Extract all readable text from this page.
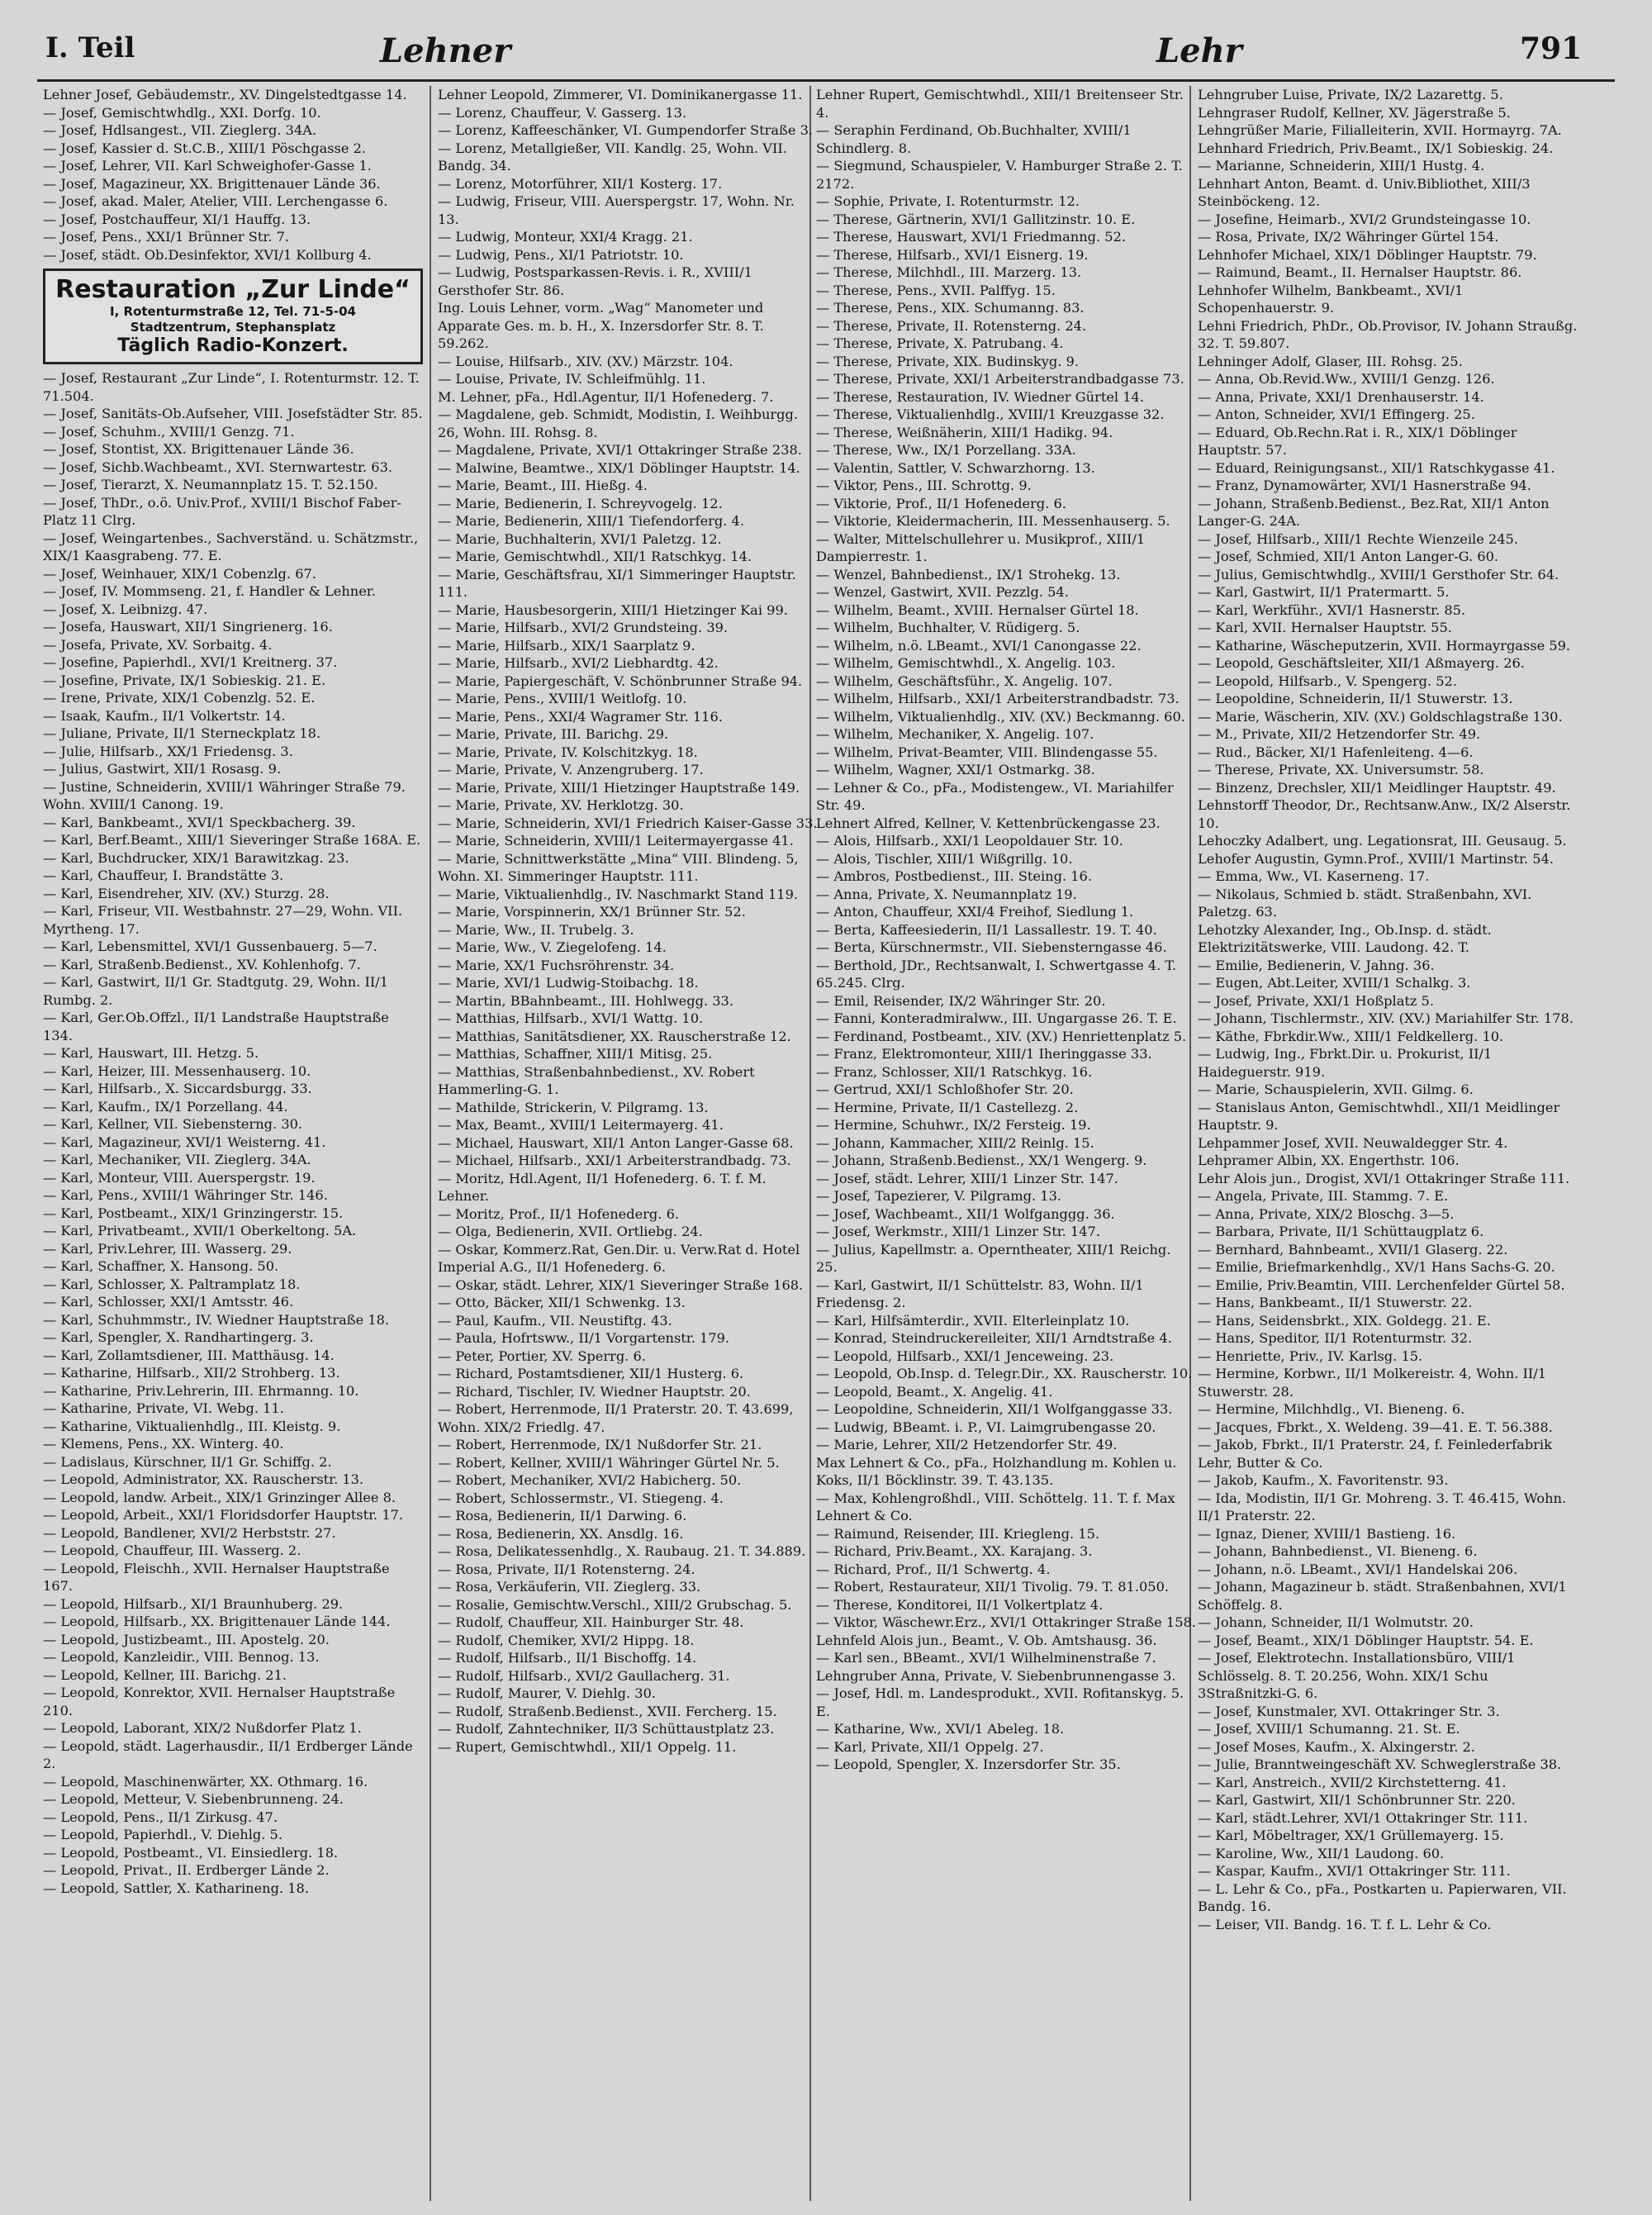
I. Teil	Lehner	Lehr	791

Lehner Josef, Gebäudemstr., XV. Dingelstedtgasse 14.

— Josef, Gemischtwhdlg., XXI. Dorfg. 10.

— Josef, Hdlsangest., VII. Zieglerg. 34A.

— Josef, Kassier d. St.C.B., XIII/1 Pöschgasse 2.

— Josef, Lehrer, VII. Karl Schweighofer-Gasse 1.

— Josef, Magazineur, XX. Brigittenauer Lände 36.

— Josef, akad. Maler, Atelier, VIII. Lerchengasse 6.

— Josef, Postchauffeur, XI/1 Hauffg. 13.

— Josef, Pens., XXI/1 Brünner Str. 7.

— Josef, städt. Ob.Desinfektor, XVI/1 Kollburg 4.

Restauration „Zur Linde“
I, Rotenturmstraße 12, Tel. 71-5-04
Stadtzentrum, Stephansplatz
Täglich Radio-Konzert.

— Josef, Restaurant „Zur Linde“, I. Rotenturmstr. 12. T. 71.504.

— Josef, Sanitäts-Ob.Aufseher, VIII. Josefstädter Str. 85.

— Josef, Schuhm., XVIII/1 Genzg. 71.

— Josef, Stontist, XX. Brigittenauer Lände 36.

— Josef, Sichb.Wachbeamt., XVI. Sternwartestr. 63.

— Josef, Tierarzt, X. Neumannplatz 15. T. 52.150.

— Josef, ThDr., o.ö. Univ.Prof., XVIII/1 Bischof Faber-Platz 11 Clrg.

— Josef, Weingartenbes., Sachverständ. u. Schätzmstr., XIX/1 Kaasgrabeng. 77. E.

— Josef, Weinhauer, XIX/1 Cobenzlg. 67.

— Josef, IV. Mommseng. 21, f. Handler & Lehner.

— Josef, X. Leibnizg. 47.

— Josefa, Hauswart, XII/1 Singrienerg. 16.

— Josefa, Private, XV. Sorbaitg. 4.

— Josefine, Papierhdl., XVI/1 Kreitnerg. 37.

— Josefine, Private, IX/1 Sobieskig. 21. E.

— Irene, Private, XIX/1 Cobenzlg. 52. E.

— Isaak, Kaufm., II/1 Volkertstr. 14.

— Juliane, Private, II/1 Sterneckplatz 18.

— Julie, Hilfsarb., XX/1 Friedensg. 3.

— Julius, Gastwirt, XII/1 Rosasg. 9.

— Justine, Schneiderin, XVIII/1 Währinger Straße 79. Wohn. XVIII/1 Canong. 19.

— Karl, Bankbeamt., XVI/1 Speckbacherg. 39.

— Karl, Berf.Beamt., XIII/1 Sieveringer Straße 168A. E.

— Karl, Buchdrucker, XIX/1 Barawitzkag. 23.

— Karl, Chauffeur, I. Brandstätte 3.

— Karl, Eisendreher, XIV. (XV.) Sturzg. 28.

— Karl, Friseur, VII. Westbahnstr. 27—29, Wohn. VII. Myrtheng. 17.

— Karl, Lebensmittel, XVI/1 Gussenbauerg. 5—7.

— Karl, Straßenb.Bedienst., XV. Kohlenhofg. 7.

— Karl, Gastwirt, II/1 Gr. Stadtgutg. 29, Wohn. II/1 Rumbg. 2.

— Karl, Ger.Ob.Offzl., II/1 Landstraße Hauptstraße 134.

— Karl, Hauswart, III. Hetzg. 5.

— Karl, Heizer, III. Messenhauserg. 10.

— Karl, Hilfsarb., X. Siccardsburgg. 33.

— Karl, Kaufm., IX/1 Porzellang. 44.

— Karl, Kellner, VII. Siebensterng. 30.

— Karl, Magazineur, XVI/1 Weisterng. 41.

— Karl, Mechaniker, VII. Zieglerg. 34A.

— Karl, Monteur, VIII. Auerspergstr. 19.

— Karl, Pens., XVIII/1 Währinger Str. 146.

— Karl, Postbeamt., XIX/1 Grinzingerstr. 15.

— Karl, Privatbeamt., XVII/1 Oberkeltong. 5A.

— Karl, Priv.Lehrer, III. Wasserg. 29.

— Karl, Schaffner, X. Hansong. 50.

— Karl, Schlosser, X. Paltramplatz 18.

— Karl, Schlosser, XXI/1 Amtsstr. 46.

— Karl, Schuhmmstr., IV. Wiedner Hauptstraße 18.

— Karl, Spengler, X. Randhartingerg. 3.

— Karl, Zollamtsdiener, III. Matthäusg. 14.

— Katharine, Hilfsarb., XII/2 Strohberg. 13.

— Katharine, Priv.Lehrerin, III. Ehrmanng. 10.

— Katharine, Private, VI. Webg. 11.

— Katharine, Viktualienhdlg., III. Kleistg. 9.

— Klemens, Pens., XX. Winterg. 40.

— Ladislaus, Kürschner, II/1 Gr. Schiffg. 2.

— Leopold, Administrator, XX. Rauscherstr. 13.

— Leopold, landw. Arbeit., XIX/1 Grinzinger Allee 8.

— Leopold, Arbeit., XXI/1 Floridsdorfer Hauptstr. 17.

— Leopold, Bandlener, XVI/2 Herbststr. 27.

— Leopold, Chauffeur, III. Wasserg. 2.

— Leopold, Fleischh., XVII. Hernalser Hauptstraße 167.

— Leopold, Hilfsarb., XI/1 Braunhuberg. 29.

— Leopold, Hilfsarb., XX. Brigittenauer Lände 144.

— Leopold, Justizbeamt., III. Apostelg. 20.

— Leopold, Kanzleidir., VIII. Bennog. 13.

— Leopold, Kellner, III. Barichg. 21.

— Leopold, Konrektor, XVII. Hernalser Hauptstraße 210.

— Leopold, Laborant, XIX/2 Nußdorfer Platz 1.

— Leopold, städt. Lagerhausdir., II/1 Erdberger Lände 2.

— Leopold, Maschinenwärter, XX. Othmarg. 16.

— Leopold, Metteur, V. Siebenbrunneng. 24.

— Leopold, Pens., II/1 Zirkusg. 47.

— Leopold, Papierhdl., V. Diehlg. 5.

— Leopold, Postbeamt., VI. Einsiedlerg. 18.

— Leopold, Privat., II. Erdberger Lände 2.

— Leopold, Sattler, X. Katharineng. 18.

Lehner Leopold, Zimmerer, VI. Dominikanergasse 11.

— Lorenz, Chauffeur, V. Gasserg. 13.

— Lorenz, Kaffeeschänker, VI. Gumpendorfer Straße 3.

— Lorenz, Metallgießer, VII. Kandlg. 25, Wohn. VII. Bandg. 34.

— Lorenz, Motorführer, XII/1 Kosterg. 17.

— Ludwig, Friseur, VIII. Auerspergstr. 17, Wohn. Nr. 13.

— Ludwig, Monteur, XXI/4 Kragg. 21.

— Ludwig, Pens., XI/1 Patriotstr. 10.

— Ludwig, Postsparkassen-Revis. i. R., XVIII/1 Gersthofer Str. 86.

Ing. Louis Lehner, vorm. „Wag“ Manometer und Apparate Ges. m. b. H., X. Inzersdorfer Str. 8. T. 59.262.

— Louise, Hilfsarb., XIV. (XV.) Märzstr. 104.

— Louise, Private, IV. Schleifmühlg. 11.

M. Lehner, pFa., Hdl.Agentur, II/1 Hofenederg. 7.

— Magdalene, geb. Schmidt, Modistin, I. Weihburgg. 26, Wohn. III. Rohsg. 8.

— Magdalene, Private, XVI/1 Ottakringer Straße 238.

— Malwine, Beamtwe., XIX/1 Döblinger Hauptstr. 14.

— Marie, Beamt., III. Hießg. 4.

— Marie, Bedienerin, I. Schreyvogelg. 12.

— Marie, Bedienerin, XIII/1 Tiefendorferg. 4.

— Marie, Buchhalterin, XVI/1 Paletzg. 12.

— Marie, Gemischtwhdl., XII/1 Ratschkyg. 14.

— Marie, Geschäftsfrau, XI/1 Simmeringer Hauptstr. 111.

— Marie, Hausbesorgerin, XIII/1 Hietzinger Kai 99.

— Marie, Hilfsarb., XVI/2 Grundsteing. 39.

— Marie, Hilfsarb., XIX/1 Saarplatz 9.

— Marie, Hilfsarb., XVI/2 Liebhardtg. 42.

— Marie, Papiergeschäft, V. Schönbrunner Straße 94.

— Marie, Pens., XVIII/1 Weitlofg. 10.

— Marie, Pens., XXI/4 Wagramer Str. 116.

— Marie, Private, III. Barichg. 29.

— Marie, Private, IV. Kolschitzkyg. 18.

— Marie, Private, V. Anzengruberg. 17.

— Marie, Private, XIII/1 Hietzinger Hauptstraße 149.

— Marie, Private, XV. Herklotzg. 30.

— Marie, Schneiderin, XVI/1 Friedrich Kaiser-Gasse 33.

— Marie, Schneiderin, XVIII/1 Leitermayergasse 41.

— Marie, Schnittwerkstätte „Mina“ VIII. Blindeng. 5, Wohn. XI. Simmeringer Hauptstr. 111.

— Marie, Viktualienhdlg., IV. Naschmarkt Stand 119.

— Marie, Vorspinnerin, XX/1 Brünner Str. 52.

— Marie, Ww., II. Trubelg. 3.

— Marie, Ww., V. Ziegelofeng. 14.

— Marie, XX/1 Fuchsröhrenstr. 34.

— Marie, XVI/1 Ludwig-Stoibachg. 18.

— Martin, BBahnbeamt., III. Hohlwegg. 33.

— Matthias, Hilfsarb., XVI/1 Wattg. 10.

— Matthias, Sanitätsdiener, XX. Rauscherstraße 12.

— Matthias, Schaffner, XIII/1 Mitisg. 25.

— Matthias, Straßenbahnbedienst., XV. Robert Hammerling-G. 1.

— Mathilde, Strickerin, V. Pilgramg. 13.

— Max, Beamt., XVIII/1 Leitermayerg. 41.

— Michael, Hauswart, XII/1 Anton Langer-Gasse 68.

— Michael, Hilfsarb., XXI/1 Arbeiterstrandbadg. 73.

— Moritz, Hdl.Agent, II/1 Hofenederg. 6. T. f. M. Lehner.

— Moritz, Prof., II/1 Hofenederg. 6.

— Olga, Bedienerin, XVII. Ortliebg. 24.

— Oskar, Kommerz.Rat, Gen.Dir. u. Verw.Rat d. Hotel Imperial A.G., II/1 Hofenederg. 6.

— Oskar, städt. Lehrer, XIX/1 Sieveringer Straße 168.

— Otto, Bäcker, XII/1 Schwenkg. 13.

— Paul, Kaufm., VII. Neustiftg. 43.

— Paula, Hofrtsww., II/1 Vorgartenstr. 179.

— Peter, Portier, XV. Sperrg. 6.

— Richard, Postamtsdiener, XII/1 Husterg. 6.

— Richard, Tischler, IV. Wiedner Hauptstr. 20.

— Robert, Herrenmode, II/1 Praterstr. 20. T. 43.699, Wohn. XIX/2 Friedlg. 47.

— Robert, Herrenmode, IX/1 Nußdorfer Str. 21.

— Robert, Kellner, XVIII/1 Währinger Gürtel Nr. 5.

— Robert, Mechaniker, XVI/2 Habicherg. 50.

— Robert, Schlossermstr., VI. Stiegeng. 4.

— Rosa, Bedienerin, II/1 Darwing. 6.

— Rosa, Bedienerin, XX. Ansdlg. 16.

— Rosa, Delikatessenhdlg., X. Raubaug. 21. T. 34.889.

— Rosa, Private, II/1 Rotensterng. 24.

— Rosa, Verkäuferin, VII. Zieglerg. 33.

— Rosalie, Gemischtw.Verschl., XIII/2 Grubschag. 5.

— Rudolf, Chauffeur, XII. Hainburger Str. 48.

— Rudolf, Chemiker, XVI/2 Hippg. 18.

— Rudolf, Hilfsarb., II/1 Bischoffg. 14.

— Rudolf, Hilfsarb., XVI/2 Gaullacherg. 31.

— Rudolf, Maurer, V. Diehlg. 30.

— Rudolf, Straßenb.Bedienst., XVII. Fercherg. 15.

— Rudolf, Zahntechniker, II/3 Schüttaustplatz 23.

— Rupert, Gemischtwhdl., XII/1 Oppelg. 11.

Lehner Rupert, Gemischtwhdl., XIII/1 Breitenseer Str. 4.

— Seraphin Ferdinand, Ob.Buchhalter, XVIII/1 Schindlerg. 8.

— Siegmund, Schauspieler, V. Hamburger Straße 2. T. 2172.

— Sophie, Private, I. Rotenturmstr. 12.

— Therese, Gärtnerin, XVI/1 Gallitzinstr. 10. E.

— Therese, Hauswart, XVI/1 Friedmanng. 52.

— Therese, Hilfsarb., XVI/1 Eisnerg. 19.

— Therese, Milchhdl., III. Marzerg. 13.

— Therese, Pens., XVII. Palffyg. 15.

— Therese, Pens., XIX. Schumanng. 83.

— Therese, Private, II. Rotensterng. 24.

— Therese, Private, X. Patrubang. 4.

— Therese, Private, XIX. Budinskyg. 9.

— Therese, Private, XXI/1 Arbeiterstrandbadgasse 73.

— Therese, Restauration, IV. Wiedner Gürtel 14.

— Therese, Viktualienhdlg., XVIII/1 Kreuzgasse 32.

— Therese, Weißnäherin, XIII/1 Hadikg. 94.

— Therese, Ww., IX/1 Porzellang. 33A.

— Valentin, Sattler, V. Schwarzhorng. 13.

— Viktor, Pens., III. Schrottg. 9.

— Viktorie, Prof., II/1 Hofenederg. 6.

— Viktorie, Kleidermacherin, III. Messenhauserg. 5.

— Walter, Mittelschullehrer u. Musikprof., XIII/1 Dampierrestr. 1.

— Wenzel, Bahnbedienst., IX/1 Strohekg. 13.

— Wenzel, Gastwirt, XVII. Pezzlg. 54.

— Wilhelm, Beamt., XVIII. Hernalser Gürtel 18.

— Wilhelm, Buchhalter, V. Rüdigerg. 5.

— Wilhelm, n.ö. LBeamt., XVI/1 Canongasse 22.

— Wilhelm, Gemischtwhdl., X. Angelig. 103.

— Wilhelm, Geschäftsführ., X. Angelig. 107.

— Wilhelm, Hilfsarb., XXI/1 Arbeiterstrandbadstr. 73.

— Wilhelm, Viktualienhdlg., XIV. (XV.) Beckmanng. 60.

— Wilhelm, Mechaniker, X. Angelig. 107.

— Wilhelm, Privat-Beamter, VIII. Blindengasse 55.

— Wilhelm, Wagner, XXI/1 Ostmarkg. 38.

— Lehner & Co., pFa., Modistengew., VI. Mariahilfer Str. 49.

Lehnert Alfred, Kellner, V. Kettenbrückengasse 23.

— Alois, Hilfsarb., XXI/1 Leopoldauer Str. 10.

— Alois, Tischler, XIII/1 Wißgrillg. 10.

— Ambros, Postbedienst., III. Steing. 16.

— Anna, Private, X. Neumannplatz 19.

— Anton, Chauffeur, XXI/4 Freihof, Siedlung 1.

— Berta, Kaffeesiederin, II/1 Lassallestr. 19. T. 40.

— Berta, Kürschnermstr., VII. Siebensterngasse 46.

— Berthold, JDr., Rechtsanwalt, I. Schwertgasse 4. T. 65.245. Clrg.

— Emil, Reisender, IX/2 Währinger Str. 20.

— Fanni, Konteradmiralww., III. Ungargasse 26. T. E.

— Ferdinand, Postbeamt., XIV. (XV.) Henriettenplatz 5.

— Franz, Elektromonteur, XIII/1 Iheringgasse 33.

— Franz, Schlosser, XII/1 Ratschkyg. 16.

— Gertrud, XXI/1 Schloßhofer Str. 20.

— Hermine, Private, II/1 Castellezg. 2.

— Hermine, Schuhwr., IX/2 Fersteig. 19.

— Johann, Kammacher, XIII/2 Reinlg. 15.

— Johann, Straßenb.Bedienst., XX/1 Wengerg. 9.

— Josef, städt. Lehrer, XIII/1 Linzer Str. 147.

— Josef, Tapezierer, V. Pilgramg. 13.

— Josef, Wachbeamt., XII/1 Wolfganggg. 36.

— Josef, Werkmstr., XIII/1 Linzer Str. 147.

— Julius, Kapellmstr. a. Operntheater, XIII/1 Reichg. 25.

— Karl, Gastwirt, II/1 Schüttelstr. 83, Wohn. II/1 Friedensg. 2.

— Karl, Hilfsämterdir., XVII. Elterleinplatz 10.

— Konrad, Steindruckereileiter, XII/1 Arndtstraße 4.

— Leopold, Hilfsarb., XXI/1 Jenceweing. 23.

— Leopold, Ob.Insp. d. Telegr.Dir., XX. Rauscherstr. 10.

— Leopold, Beamt., X. Angelig. 41.

— Leopoldine, Schneiderin, XII/1 Wolfganggasse 33.

— Ludwig, BBeamt. i. P., VI. Laimgrubengasse 20.

— Marie, Lehrer, XII/2 Hetzendorfer Str. 49.

Max Lehnert & Co., pFa., Holzhandlung m. Kohlen u. Koks, II/1 Böcklinstr. 39. T. 43.135.

— Max, Kohlengroßhdl., VIII. Schöttelg. 11. T. f. Max Lehnert & Co.

— Raimund, Reisender, III. Kriegleng. 15.

— Richard, Priv.Beamt., XX. Karajang. 3.

— Richard, Prof., II/1 Schwertg. 4.

— Robert, Restaurateur, XII/1 Tivolig. 79. T. 81.050.

— Therese, Konditorei, II/1 Volkertplatz 4.

— Viktor, Wäschewr.Erz., XVI/1 Ottakringer Straße 158.

Lehnfeld Alois jun., Beamt., V. Ob. Amtshausg. 36.

— Karl sen., BBeamt., XVI/1 Wilhelminenstraße 7.

Lehngruber Anna, Private, V. Siebenbrunnengasse 3.

— Josef, Hdl. m. Landesprodukt., XVII. Rofitanskyg. 5. E.

— Katharine, Ww., XVI/1 Abeleg. 18.

— Karl, Private, XII/1 Oppelg. 27.

— Leopold, Spengler, X. Inzersdorfer Str. 35.

Lehngruber Luise, Private, IX/2 Lazarettg. 5.

Lehngraser Rudolf, Kellner, XV. Jägerstraße 5.

Lehngrüßer Marie, Filialleiterin, XVII. Hormayrg. 7A.

Lehnhard Friedrich, Priv.Beamt., IX/1 Sobieskig. 24.

— Marianne, Schneiderin, XIII/1 Hustg. 4.

Lehnhart Anton, Beamt. d. Univ.Bibliothet, XIII/3 Steinböckeng. 12.

— Josefine, Heimarb., XVI/2 Grundsteingasse 10.

— Rosa, Private, IX/2 Währinger Gürtel 154.

Lehnhofer Michael, XIX/1 Döblinger Hauptstr. 79.

— Raimund, Beamt., II. Hernalser Hauptstr. 86.

Lehnhofer Wilhelm, Bankbeamt., XVI/1 Schopenhauerstr. 9.

Lehni Friedrich, PhDr., Ob.Provisor, IV. Johann Straußg. 32. T. 59.807.

Lehninger Adolf, Glaser, III. Rohsg. 25.

— Anna, Ob.Revid.Ww., XVIII/1 Genzg. 126.

— Anna, Private, XXI/1 Drenhauserstr. 14.

— Anton, Schneider, XVI/1 Effingerg. 25.

— Eduard, Ob.Rechn.Rat i. R., XIX/1 Döblinger Hauptstr. 57.

— Eduard, Reinigungsanst., XII/1 Ratschkygasse 41.

— Franz, Dynamowärter, XVI/1 Hasnerstraße 94.

— Johann, Straßenb.Bedienst., Bez.Rat, XII/1 Anton Langer-G. 24A.

— Josef, Hilfsarb., XIII/1 Rechte Wienzeile 245.

— Josef, Schmied, XII/1 Anton Langer-G. 60.

— Julius, Gemischtwhdlg., XVIII/1 Gersthofer Str. 64.

— Karl, Gastwirt, II/1 Pratermartt. 5.

— Karl, Werkführ., XVI/1 Hasnerstr. 85.

— Karl, XVII. Hernalser Hauptstr. 55.

— Katharine, Wäscheputzerin, XVII. Hormayrgasse 59.

— Leopold, Geschäftsleiter, XII/1 Aßmayerg. 26.

— Leopold, Hilfsarb., V. Spengerg. 52.

— Leopoldine, Schneiderin, II/1 Stuwerstr. 13.

— Marie, Wäscherin, XIV. (XV.) Goldschlagstraße 130.

— M., Private, XII/2 Hetzendorfer Str. 49.

— Rud., Bäcker, XI/1 Hafenleiteng. 4—6.

— Therese, Private, XX. Universumstr. 58.

— Binzenz, Drechsler, XII/1 Meidlinger Hauptstr. 49.

Lehnstorff Theodor, Dr., Rechtsanw.Anw., IX/2 Alserstr. 10.

Lehoczky Adalbert, ung. Legationsrat, III. Geusaug. 5.

Lehofer Augustin, Gymn.Prof., XVIII/1 Martinstr. 54.

— Emma, Ww., VI. Kaserneng. 17.

— Nikolaus, Schmied b. städt. Straßenbahn, XVI. Paletzg. 63.

Lehotzky Alexander, Ing., Ob.Insp. d. städt. Elektrizitätswerke, VIII. Laudong. 42. T.

— Emilie, Bedienerin, V. Jahng. 36.

— Eugen, Abt.Leiter, XVIII/1 Schalkg. 3.

— Josef, Private, XXI/1 Hoßplatz 5.

— Johann, Tischlermstr., XIV. (XV.) Mariahilfer Str. 178.

— Käthe, Fbrkdir.Ww., XIII/1 Feldkellerg. 10.

— Ludwig, Ing., Fbrkt.Dir. u. Prokurist, II/1 Haideguerstr. 919.

— Marie, Schauspielerin, XVII. Gilmg. 6.

— Stanislaus Anton, Gemischtwhdl., XII/1 Meidlinger Hauptstr. 9.

Lehpammer Josef, XVII. Neuwaldegger Str. 4.

Lehpramer Albin, XX. Engerthstr. 106.

Lehr Alois jun., Drogist, XVI/1 Ottakringer Straße 111.

— Angela, Private, III. Stammg. 7. E.

— Anna, Private, XIX/2 Bloschg. 3—5.

— Barbara, Private, II/1 Schüttaugplatz 6.

— Bernhard, Bahnbeamt., XVII/1 Glaserg. 22.

— Emilie, Briefmarkenhdlg., XV/1 Hans Sachs-G. 20.

— Emilie, Priv.Beamtin, VIII. Lerchenfelder Gürtel 58.

— Hans, Bankbeamt., II/1 Stuwerstr. 22.

— Hans, Seidensbrkt., XIX. Goldegg. 21. E.

— Hans, Speditor, II/1 Rotenturmstr. 32.

— Henriette, Priv., IV. Karlsg. 15.

— Hermine, Korbwr., II/1 Molkereistr. 4, Wohn. II/1 Stuwerstr. 28.

— Hermine, Milchhdlg., VI. Bieneng. 6.

— Jacques, Fbrkt., X. Weldeng. 39—41. E. T. 56.388.

— Jakob, Fbrkt., II/1 Praterstr. 24, f. Feinlederfabrik Lehr, Butter & Co.

— Jakob, Kaufm., X. Favoritenstr. 93.

— Ida, Modistin, II/1 Gr. Mohreng. 3. T. 46.415, Wohn. II/1 Praterstr. 22.

— Ignaz, Diener, XVIII/1 Bastieng. 16.

— Johann, Bahnbedienst., VI. Bieneng. 6.

— Johann, n.ö. LBeamt., XVI/1 Handelskai 206.

— Johann, Magazineur b. städt. Straßenbahnen, XVI/1 Schöffelg. 8.

— Johann, Schneider, II/1 Wolmutstr. 20.

— Josef, Beamt., XIX/1 Döblinger Hauptstr. 54. E.

— Josef, Elektrotechn. Installationsbüro, VIII/1 Schlösselg. 8. T. 20.256, Wohn. XIX/1 Schu 3Straßnitzki-G. 6.

— Josef, Kunstmaler, XVI. Ottakringer Str. 3.

— Josef, XVIII/1 Schumanng. 21. St. E.

— Josef Moses, Kaufm., X. Alxingerstr. 2.

— Julie, Branntweingeschäft XV. Schweglerstraße 38.

— Karl, Anstreich., XVII/2 Kirchstetterng. 41.

— Karl, Gastwirt, XII/1 Schönbrunner Str. 220.

— Karl, städt.Lehrer, XVI/1 Ottakringer Str. 111.

— Karl, Möbeltrager, XX/1 Grüllemayerg. 15.

— Karoline, Ww., XII/1 Laudong. 60.

— Kaspar, Kaufm., XVI/1 Ottakringer Str. 111.

— L. Lehr & Co., pFa., Postkarten u. Papierwaren, VII. Bandg. 16.

— Leiser, VII. Bandg. 16. T. f. L. Lehr & Co.
